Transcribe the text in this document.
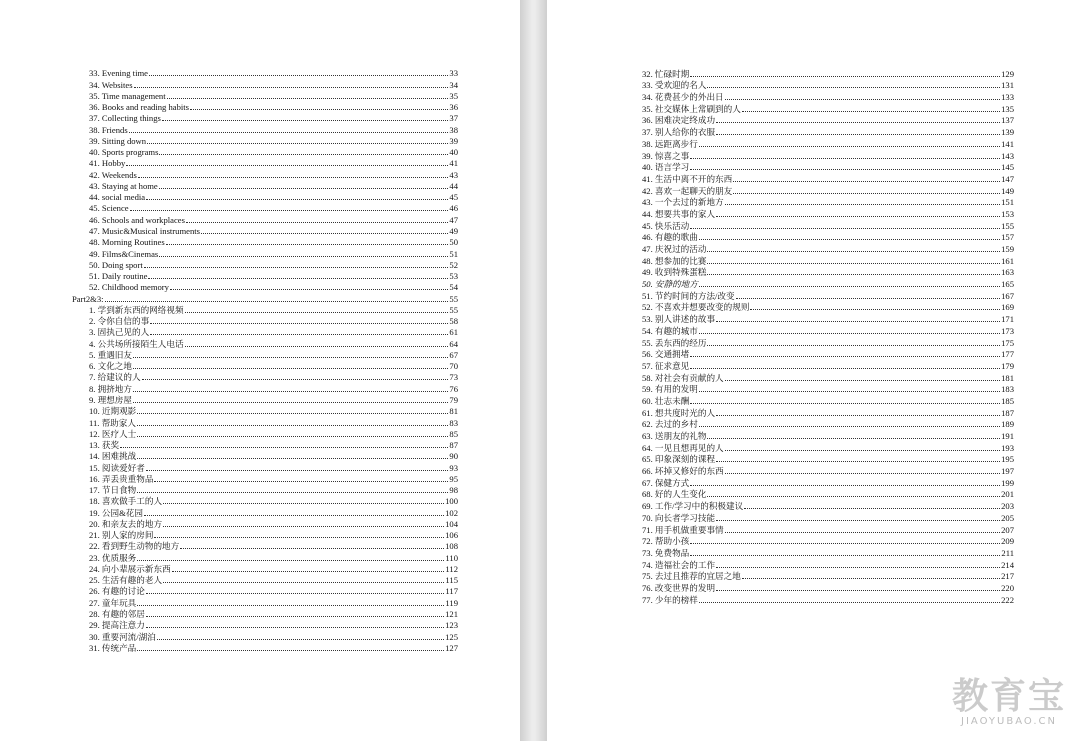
33. Evening time	33
34. Websites	34
35. Time management	35
36. Books and reading habits	36
37. Collecting things	37
38. Friends	38
39. Sitting down	39
40. Sports programs	40
41. Hobby	41
42. Weekends	43
43. Staying at home	44
44. social media	45
45. Science	46
46. Schools and workplaces	47
47. Music&Musical instruments	49
48. Morning Routines	50
49. Films&Cinemas	51
50. Doing sport	52
51. Daily routine	53
52. Childhood memory	54
Part2&3:	55
1. 学到新东西的网络视频	55
2. 令你自信的事	58
3. 固执己见的人	61
4. 公共场所接陌生人电话	64
5. 重遇旧友	67
6. 文化之地	70
7. 给建议的人	73
8. 拥挤地方	76
9. 理想房屋	79
10. 近期观影	81
11. 帮助家人	83
12. 医疗人士	85
13. 获奖	87
14. 困难挑战	90
15. 阅读爱好者	93
16. 弄丢贵重物品	95
17. 节日食物	98
18. 喜欢做手工的人	100
19. 公园&花园	102
20. 和亲友去的地方	104
21. 别人家的房间	106
22. 看到野生动物的地方	108
23. 优质服务	110
24. 向小辈展示新东西	112
25. 生活有趣的老人	115
26. 有趣的讨论	117
27. 童年玩具	119
28. 有趣的邻居	121
29. 提高注意力	123
30. 重要河流/湖泊	125
31. 传统产品	127
32. 忙碌时期	129
33. 受欢迎的名人	131
34. 花费甚少的外出日	133
35. 社交媒体上常刷到的人	135
36. 困难决定终成功	137
37. 别人给你的衣服	139
38. 远距离步行	141
39. 惊喜之事	143
40. 语言学习	145
41. 生活中离不开的东西	147
42. 喜欢一起聊天的朋友	149
43. 一个去过的新地方	151
44. 想要共事的家人	153
45. 快乐活动	155
46. 有趣的歌曲	157
47. 庆祝过的活动	159
48. 想参加的比赛	161
49. 收到特殊蛋糕	163
50. 安静的地方	165
51. 节约时间的方法/改变	167
52. 不喜欢并想要改变的规则	169
53. 别人讲述的故事	171
54. 有趣的城市	173
55. 丢东西的经历	175
56. 交通拥堵	177
57. 征求意见	179
58. 对社会有贡献的人	181
59. 有用的发明	183
60. 壮志未酬	185
61. 想共度时光的人	187
62. 去过的乡村	189
63. 送朋友的礼物	191
64. 一见且想再见的人	193
65. 印象深刻的课程	195
66. 坏掉又修好的东西	197
67. 保健方式	199
68. 好的人生变化	201
69. 工作/学习中的积极建议	203
70. 向长者学习技能	205
71. 用手机做重要事情	207
72. 帮助小孩	209
73. 免费物品	211
74. 造福社会的工作	214
75. 去过且推荐的宜居之地	217
76. 改变世界的发明	220
77. 少年的榜样	222
教育宝
JIAOYUBAO.CN
